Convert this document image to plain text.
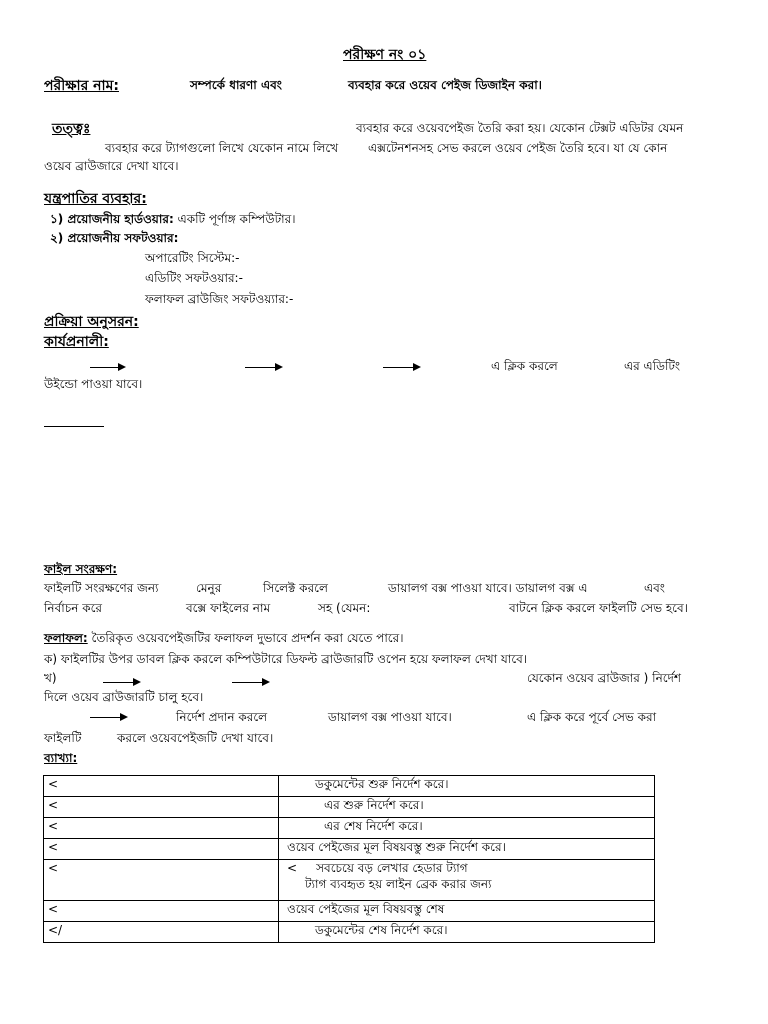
পরীক্ষণ নং ০১
পরীক্ষার নাম:	সম্পর্কে ধারণা এবং	ব্যবহার করে ওয়েব পেইজ ডিজাইন করা।
তত্ত্বঃ	ব্যবহার করে ওয়েবপেইজ তৈরি করা হয়। যেকোন টেক্সট এডিটর যেমন
ব্যবহার করে ট্যাগগুলো লিখে যেকোন নামে লিখে এক্সটেনশনসহ সেভ করলে ওয়েব পেইজ তৈরি হবে। যা যে কোন
ওয়েব ব্রাউজারে দেখা যাবে।
যন্ত্রপাতির ব্যবহার:
১) প্রয়োজনীয় হার্ডওয়ার: একটি পূর্ণাঙ্গ কম্পিউটার।
২) প্রয়োজনীয় সফটওয়ার:
অপারেটিং সিস্টেম:-
এডিটিং সফটওয়ার:-
ফলাফল ব্রাউজিং সফটওয়্যার:-
প্রক্রিয়া অনুসরন:
কার্যপ্রনালী:
এ ক্লিক করলে	এর এডিটিং
উইন্ডো পাওয়া যাবে।
ফাইল সংরক্ষণ:
ফাইলটি সংরক্ষণের জন্য	মেনুর	সিলেক্ট করলে	ডায়ালগ বক্স পাওয়া যাবে। ডায়ালগ বক্স এ	এবং
নির্বাচন করে	বক্সে ফাইলের নাম	সহ (যেমন:	বাটনে ক্লিক করলে ফাইলটি সেভ হবে।
ফলাফল: তৈরিকৃত ওয়েবপেইজটির ফলাফল দুভাবে প্রদর্শন করা যেতে পারে।
ক) ফাইলটির উপর ডাবল ক্লিক করলে কম্পিউটারে ডিফল্ট ব্রাউজারটি ওপেন হয়ে ফলাফল দেখা যাবে।
খ)	যেকোন ওয়েব ব্রাউজার ) নির্দেশ
দিলে ওয়েব ব্রাউজারটি চালু হবে।
নির্দেশ প্রদান করলে	ডায়ালগ বক্স পাওয়া যাবে।	এ ক্লিক করে পূর্বে সেভ করা
ফাইলটি	করলে ওয়েবপেইজটি দেখা যাবে।
ব্যাখ্যা:
<	ডকুমেন্টের শুরু নির্দেশ করে।
<	এর শুরু নির্দেশ করে।
<	এর শেষ নির্দেশ করে।
<	ওয়েব পেইজের মূল বিষয়বস্তু শুরু নির্দেশ করে।
<	<     সবচেয়ে বড় লেখার হেডার ট্যাগ
ট্যাগ ব্যবহৃত হয় লাইন ব্রেক করার জন্য

<	ওয়েব পেইজের মূল বিষয়বস্তু শেষ
</	ডকুমেন্টের শেষ নির্দেশ করে।
